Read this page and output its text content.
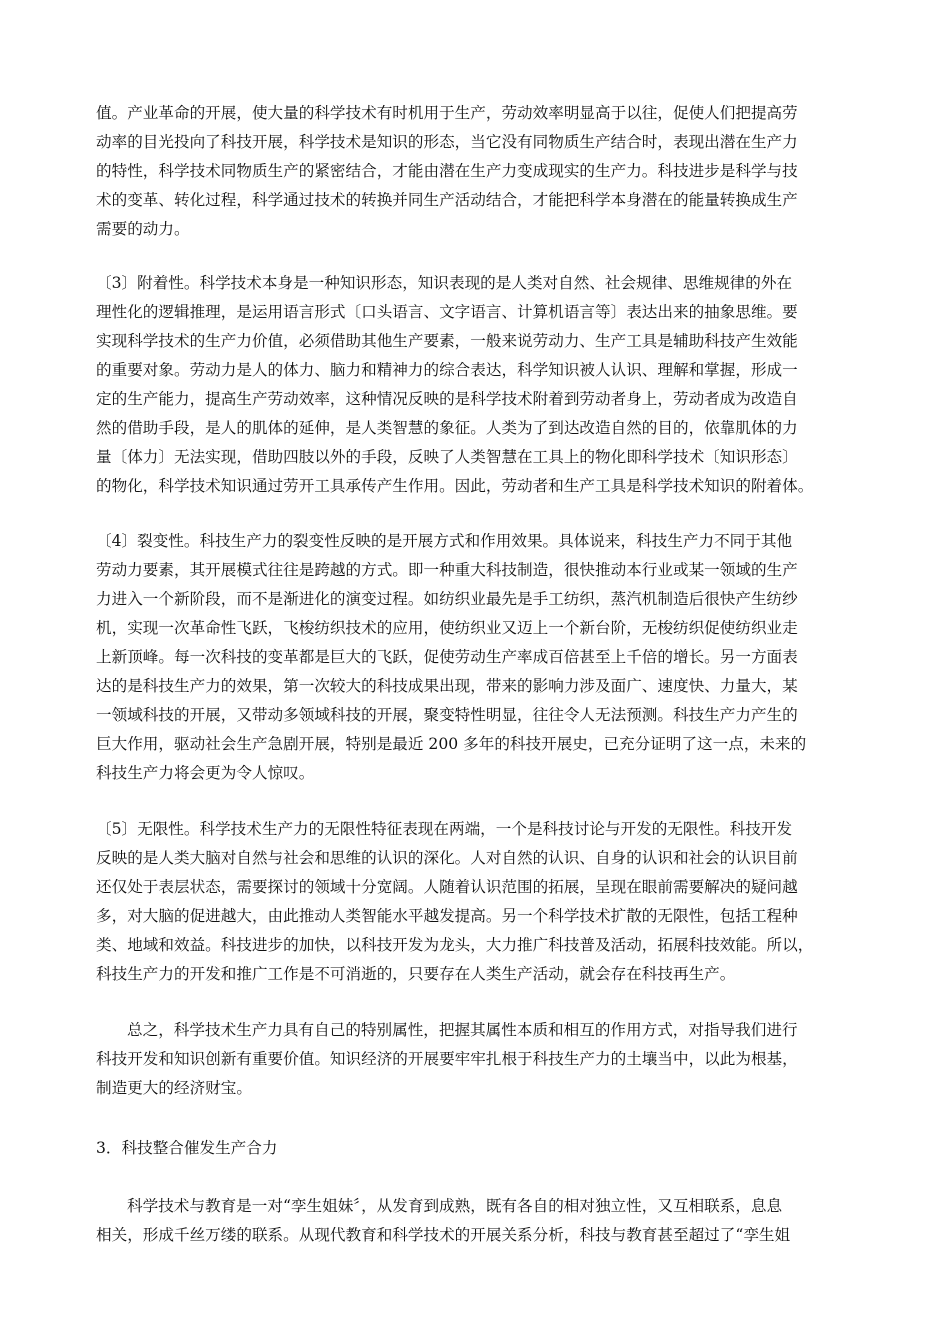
值。产业革命的开展，使大量的科学技术有时机用于生产，劳动效率明显高于以往，促使人们把提高劳
动率的目光投向了科技开展，科学技术是知识的形态，当它没有同物质生产结合时，表现出潜在生产力
的特性，科学技术同物质生产的紧密结合，才能由潜在生产力变成现实的生产力。科技进步是科学与技
术的变革、转化过程，科学通过技术的转换并同生产活动结合，才能把科学本身潜在的能量转换成生产
需要的动力。
〔3〕附着性。科学技术本身是一种知识形态，知识表现的是人类对自然、社会规律、思维规律的外在
理性化的逻辑推理，是运用语言形式〔口头语言、文字语言、计算机语言等〕表达出来的抽象思维。要
实现科学技术的生产力价值，必须借助其他生产要素，一般来说劳动力、生产工具是辅助科技产生效能
的重要对象。劳动力是人的体力、脑力和精神力的综合表达，科学知识被人认识、理解和掌握，形成一
定的生产能力，提高生产劳动效率，这种情况反映的是科学技术附着到劳动者身上，劳动者成为改造自
然的借助手段，是人的肌体的延伸，是人类智慧的象征。人类为了到达改造自然的目的，依靠肌体的力
量〔体力〕无法实现，借助四肢以外的手段，反映了人类智慧在工具上的物化即科学技术〔知识形态〕
的物化，科学技术知识通过劳开工具承传产生作用。因此，劳动者和生产工具是科学技术知识的附着体。
〔4〕裂变性。科技生产力的裂变性反映的是开展方式和作用效果。具体说来，科技生产力不同于其他
劳动力要素，其开展模式往往是跨越的方式。即一种重大科技制造，很快推动本行业或某一领域的生产
力进入一个新阶段，而不是渐进化的演变过程。如纺织业最先是手工纺织，蒸汽机制造后很快产生纺纱
机，实现一次革命性飞跃，飞梭纺织技术的应用，使纺织业又迈上一个新台阶，无梭纺织促使纺织业走
上新顶峰。每一次科技的变革都是巨大的飞跃，促使劳动生产率成百倍甚至上千倍的增长。另一方面表
达的是科技生产力的效果，第一次较大的科技成果出现，带来的影响力涉及面广、速度快、力量大，某
一领域科技的开展，又带动多领域科技的开展，聚变特性明显，往往令人无法预测。科技生产力产生的
巨大作用，驱动社会生产急剧开展，特别是最近 200 多年的科技开展史，已充分证明了这一点，未来的
科技生产力将会更为令人惊叹。
〔5〕无限性。科学技术生产力的无限性特征表现在两端，一个是科技讨论与开发的无限性。科技开发
反映的是人类大脑对自然与社会和思维的认识的深化。人对自然的认识、自身的认识和社会的认识目前
还仅处于表层状态，需要探讨的领域十分宽阔。人随着认识范围的拓展，呈现在眼前需要解决的疑问越
多，对大脑的促进越大，由此推动人类智能水平越发提高。另一个科学技术扩散的无限性，包括工程种
类、地域和效益。科技进步的加快，以科技开发为龙头，大力推广科技普及活动，拓展科技效能。所以，
科技生产力的开发和推广工作是不可消逝的，只要存在人类生产活动，就会存在科技再生产。
总之，科学技术生产力具有自己的特别属性，把握其属性本质和相互的作用方式，对指导我们进行
科技开发和知识创新有重要价值。知识经济的开展要牢牢扎根于科技生产力的土壤当中，以此为根基，
制造更大的经济财宝。
3．科技整合催发生产合力
科学技术与教育是一对“孪生姐妹〞，从发育到成熟，既有各自的相对独立性，又互相联系，息息
相关，形成千丝万缕的联系。从现代教育和科学技术的开展关系分析，科技与教育甚至超过了“孪生姐
